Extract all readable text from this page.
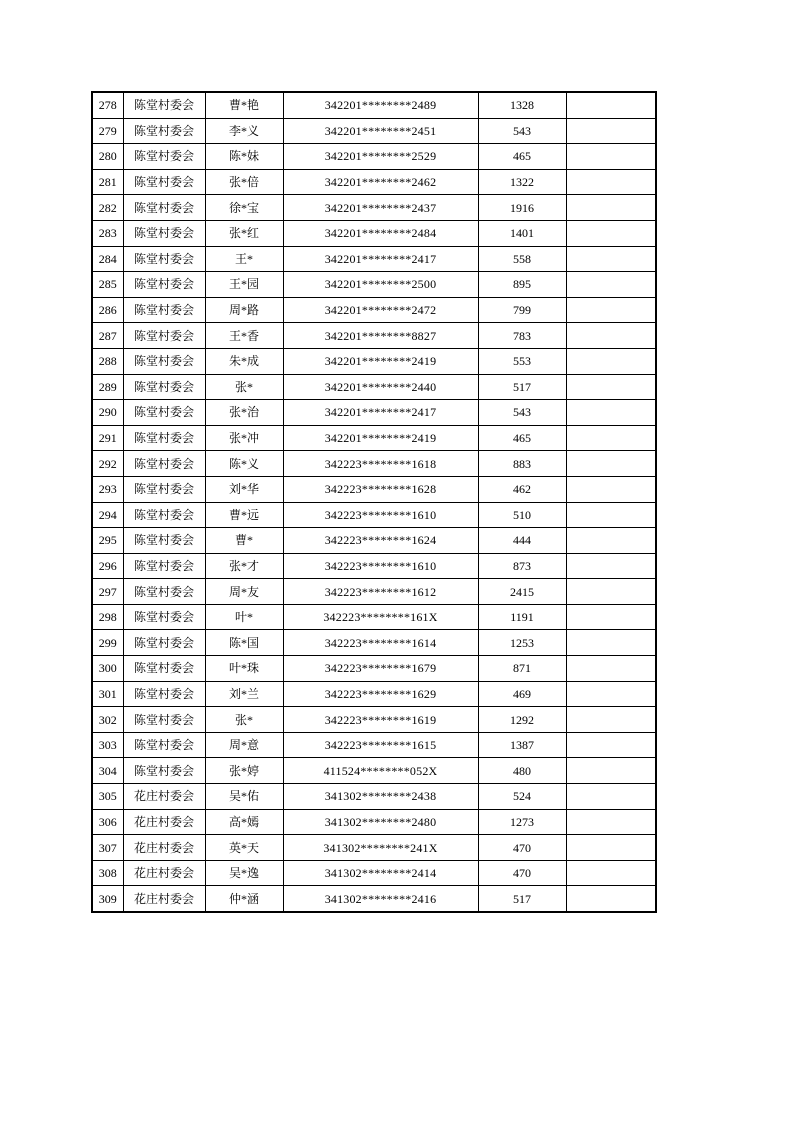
278	陈堂村委会	曹*艳	342201********2489	1328	
279	陈堂村委会	李*义	342201********2451	543	
280	陈堂村委会	陈*妹	342201********2529	465	
281	陈堂村委会	张*倍	342201********2462	1322	
282	陈堂村委会	徐*宝	342201********2437	1916	
283	陈堂村委会	张*红	342201********2484	1401	
284	陈堂村委会	王*	342201********2417	558	
285	陈堂村委会	王*园	342201********2500	895	
286	陈堂村委会	周*路	342201********2472	799	
287	陈堂村委会	王*香	342201********8827	783	
288	陈堂村委会	朱*成	342201********2419	553	
289	陈堂村委会	张*	342201********2440	517	
290	陈堂村委会	张*治	342201********2417	543	
291	陈堂村委会	张*冲	342201********2419	465	
292	陈堂村委会	陈*义	342223********1618	883	
293	陈堂村委会	刘*华	342223********1628	462	
294	陈堂村委会	曹*远	342223********1610	510	
295	陈堂村委会	曹*	342223********1624	444	
296	陈堂村委会	张*才	342223********1610	873	
297	陈堂村委会	周*友	342223********1612	2415	
298	陈堂村委会	叶*	342223********161X	1191	
299	陈堂村委会	陈*国	342223********1614	1253	
300	陈堂村委会	叶*珠	342223********1679	871	
301	陈堂村委会	刘*兰	342223********1629	469	
302	陈堂村委会	张*	342223********1619	1292	
303	陈堂村委会	周*意	342223********1615	1387	
304	陈堂村委会	张*婷	411524********052X	480	
305	花庄村委会	吴*佑	341302********2438	524	
306	花庄村委会	高*嫣	341302********2480	1273	
307	花庄村委会	英*天	341302********241X	470	
308	花庄村委会	吴*逸	341302********2414	470	
309	花庄村委会	仲*涵	341302********2416	517	
